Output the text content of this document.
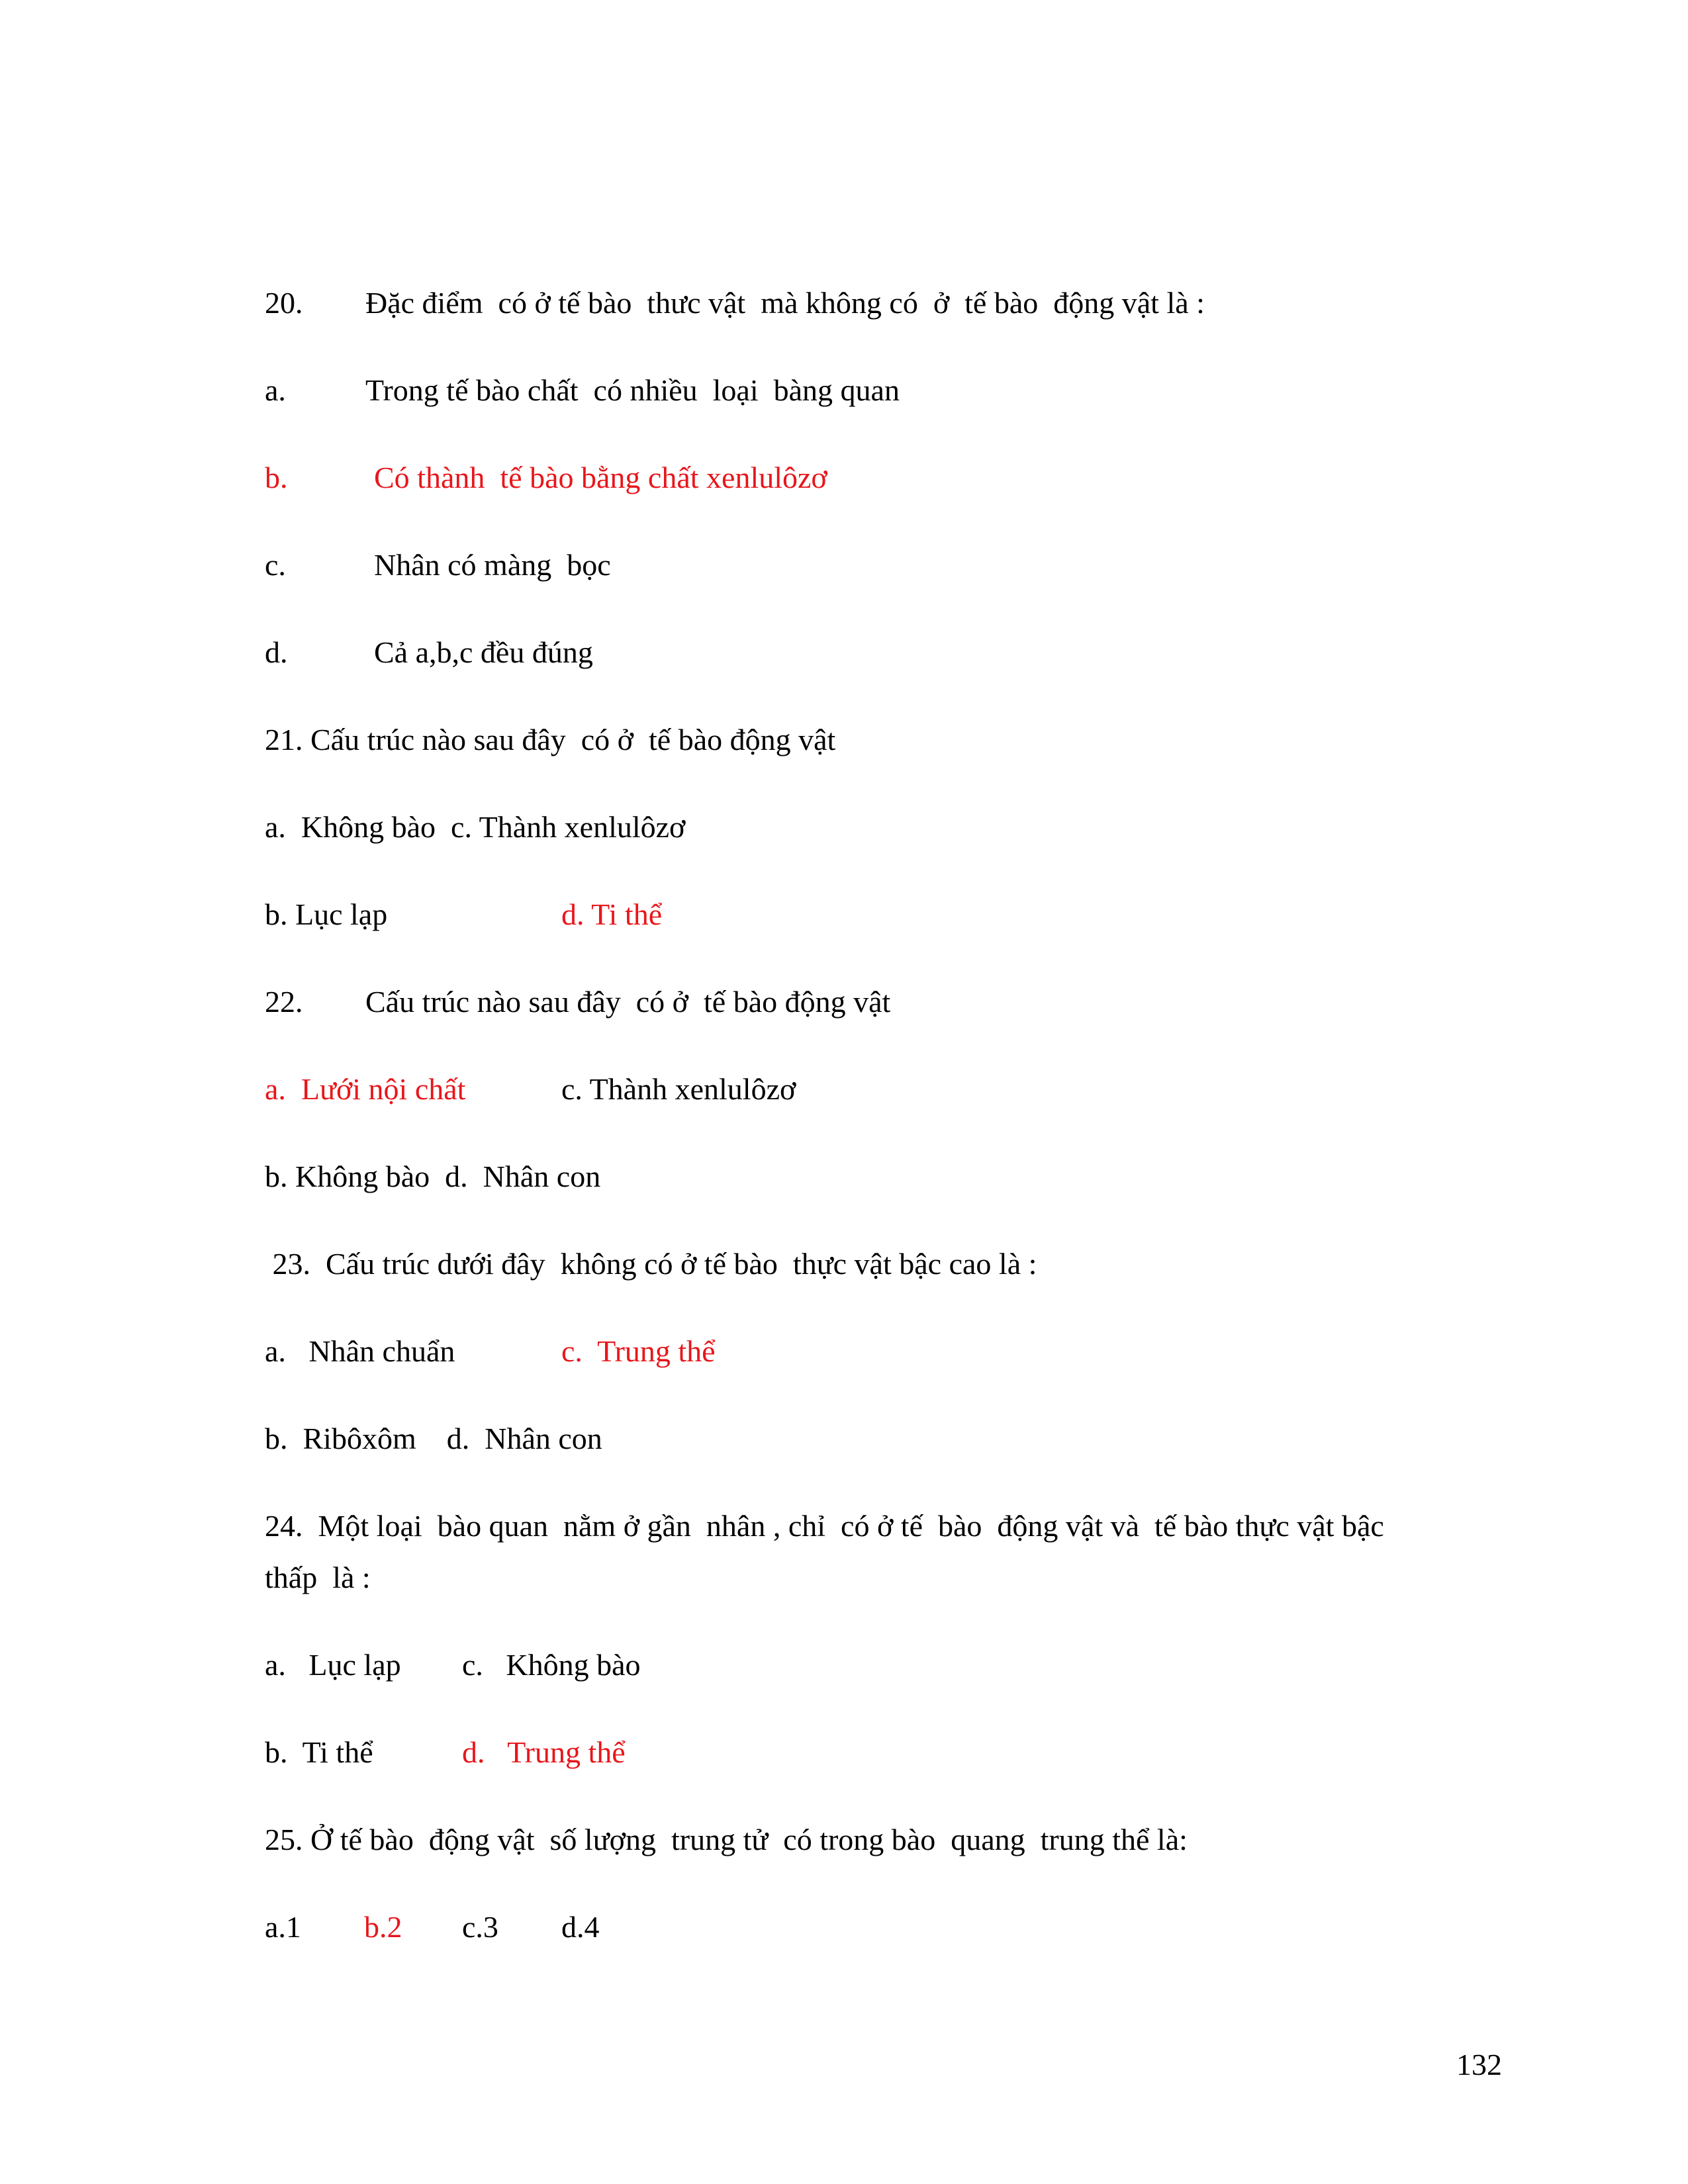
20. Đặc điểm  có ở tế bào  thưc vật  mà không có  ở  tế bào  động vật là :
a.	Trong tế bào chất  có nhiều  loại  bàng quan
b.	Có thành  tế bào bằng chất xenlulôzơ
c.	Nhân có màng  bọc
d.	Cả a,b,c đều đúng
21. Cấu trúc nào sau đây  có ở  tế bào động vật
a.  Không bào  c. Thành xenlulôzơ
b. Lục lạp	d. Ti thể
22. Cấu trúc nào sau đây  có ở  tế bào động vật
a.  Lưới nội chất	c. Thành xenlulôzơ
b. Không bào  d.  Nhân con
23.  Cấu trúc dưới đây  không có ở tế bào  thực vật bậc cao là :
a.   Nhân chuẩn	c.  Trung thể
b.  Ribôxôm    d.  Nhân con
24.  Một loại  bào quan  nằm ở gần  nhân , chỉ  có ở tế  bào  động vật và  tế bào thực vật bậc
thấp  là :
a.   Lục lạp c.   Không bào
b.  Ti thể	d.   Trung thể
25. Ở tế bào  động vật  số lượng  trung tử  có trong bào  quang  trung thể là:
a.1 b.2 c.3 d.4
132
